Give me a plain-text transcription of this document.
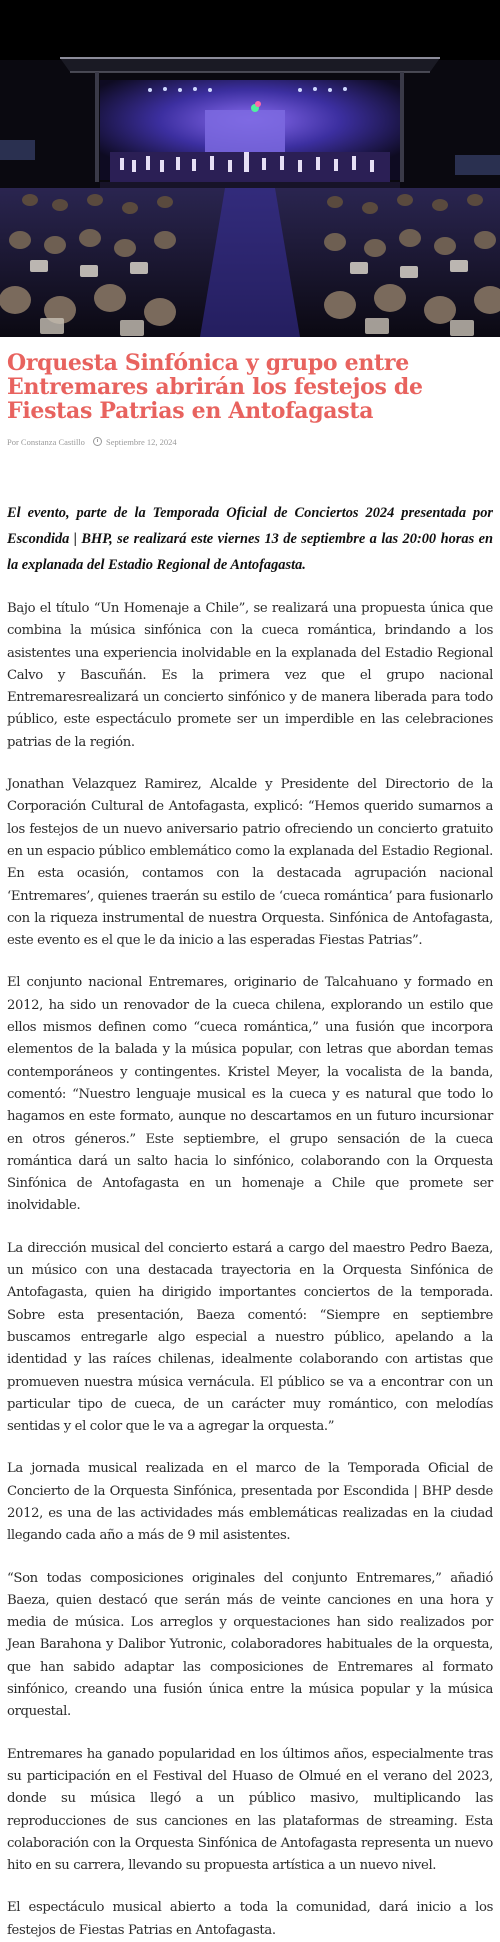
Orquesta Sinfónica y grupo entre Entremares abrirán los festejos de Fiestas Patrias en Antofagasta
Por Constanza Castillo	Septiembre 12, 2024

El evento, parte de la Temporada Oficial de Conciertos 2024 presentada por Escondida | BHP, se realizará este viernes 13 de septiembre a las 20:00 horas en la explanada del Estadio Regional de Antofagasta.

Bajo el título “Un Homenaje a Chile”, se realizará una propuesta única que combina la música sinfónica con la cueca romántica, brindando a los asistentes una experiencia inolvidable en la explanada del Estadio Regional Calvo y Bascuñán. Es la primera vez que el grupo nacional Entremaresrealizará un concierto sinfónico y de manera liberada para todo público, este espectáculo promete ser un imperdible en las celebraciones patrias de la región.

Jonathan Velazquez Ramirez, Alcalde y Presidente del Directorio de la Corporación Cultural de Antofagasta, explicó: “Hemos querido sumarnos a los festejos de un nuevo aniversario patrio ofreciendo un concierto gratuito en un espacio público emblemático como la explanada del Estadio Regional. En esta ocasión, contamos con la destacada agrupación nacional ‘Entremares’, quienes traerán su estilo de ‘cueca romántica’ para fusionarlo con la riqueza instrumental de nuestra Orquesta. Sinfónica de Antofagasta, este evento es el que le da inicio a las esperadas Fiestas Patrias”.

El conjunto nacional Entremares, originario de Talcahuano y formado en 2012, ha sido un renovador de la cueca chilena, explorando un estilo que ellos mismos definen como “cueca romántica,” una fusión que incorpora elementos de la balada y la música popular, con letras que abordan temas contemporáneos y contingentes. Kristel Meyer, la vocalista de la banda, comentó: “Nuestro lenguaje musical es la cueca y es natural que todo lo hagamos en este formato, aunque no descartamos en un futuro incursionar en otros géneros.” Este septiembre, el grupo sensación de la cueca romántica dará un salto hacia lo sinfónico, colaborando con la Orquesta Sinfónica de Antofagasta en un homenaje a Chile que promete ser inolvidable.

La dirección musical del concierto estará a cargo del maestro Pedro Baeza, un músico con una destacada trayectoria en la Orquesta Sinfónica de Antofagasta, quien ha dirigido importantes conciertos de la temporada. Sobre esta presentación, Baeza comentó: “Siempre en septiembre buscamos entregarle algo especial a nuestro público, apelando a la identidad y las raíces chilenas, idealmente colaborando con artistas que promueven nuestra música vernácula. El público se va a encontrar con un particular tipo de cueca, de un carácter muy romántico, con melodías sentidas y el color que le va a agregar la orquesta.”

La jornada musical realizada en el marco de la Temporada Oficial de Concierto de la Orquesta Sinfónica, presentada por Escondida | BHP desde 2012, es una de las actividades más emblemáticas realizadas en la ciudad llegando cada año a más de 9 mil asistentes.

“Son todas composiciones originales del conjunto Entremares,” añadió Baeza, quien destacó que serán más de veinte canciones en una hora y media de música. Los arreglos y orquestaciones han sido realizados por Jean Barahona y Dalibor Yutronic, colaboradores habituales de la orquesta, que han sabido adaptar las composiciones de Entremares al formato sinfónico, creando una fusión única entre la música popular y la música orquestal.

Entremares ha ganado popularidad en los últimos años, especialmente tras su participación en el Festival del Huaso de Olmué en el verano del 2023, donde su música llegó a un público masivo, multiplicando las reproducciones de sus canciones en las plataformas de streaming. Esta colaboración con la Orquesta Sinfónica de Antofagasta representa un nuevo hito en su carrera, llevando su propuesta artística a un nuevo nivel.

El espectáculo musical abierto a toda la comunidad, dará inicio a los festejos de Fiestas Patrias en Antofagasta.
